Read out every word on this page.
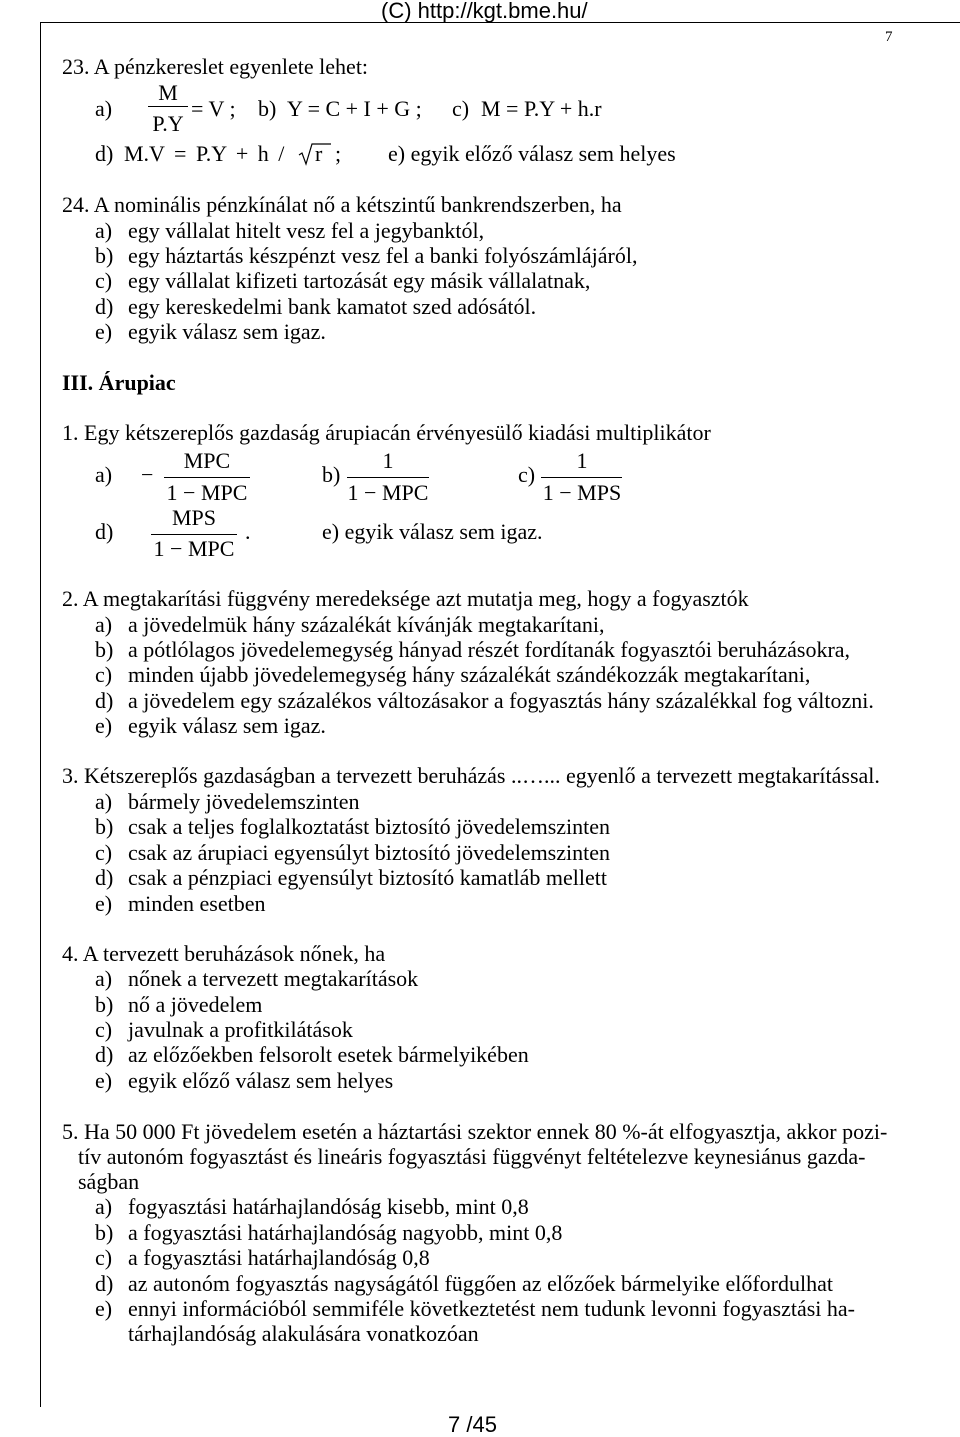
(C) http://kgt.bme.hu/
7
23. A pénzkereslet egyenlete lehet:
a)
M
P.Y
= V ; b) Y = C + I + G ; c) M = P.Y + h.r
d) M.V = P.Y + h / r ; e) egyik előző válasz sem helyes
24. A nominális pénzkínálat nő a kétszintű bankrendszerben, ha
a) egy vállalat hitelt vesz fel a jegybanktól,
b) egy háztartás készpénzt vesz fel a banki folyószámlájáról,
c) egy vállalat kifizeti tartozását egy másik vállalatnak,
d) egy kereskedelmi bank kamatot szed adósától.
e) egyik válasz sem igaz.
III. Árupiac
1. Egy kétszereplős gazdaság árupiacán érvényesülő kiadási multiplikátor
a) −
MPC
1 − MPC
b)
1
1 − MPC
c)
1
1 − MPS
d)
MPS
1 − MPC
.	e) egyik válasz sem igaz.
2. A megtakarítási függvény meredeksége azt mutatja meg, hogy a fogyasztók
a) a jövedelmük hány százalékát kívánják megtakarítani,
b) a pótlólagos jövedelemegység hányad részét fordítanák fogyasztói beruházásokra,
c) minden újabb jövedelemegység hány százalékát szándékozzák megtakarítani,
d) a jövedelem egy százalékos változásakor a fogyasztás hány százalékkal fog változni.
e) egyik válasz sem igaz.
3. Kétszereplős gazdaságban a tervezett beruházás ..…... egyenlő a tervezett megtakarítással.
a) bármely jövedelemszinten
b) csak a teljes foglalkoztatást biztosító jövedelemszinten
c) csak az árupiaci egyensúlyt biztosító jövedelemszinten
d) csak a pénzpiaci egyensúlyt biztosító kamatláb mellett
e) minden esetben
4. A tervezett beruházások nőnek, ha
a) nőnek a tervezett megtakarítások
b) nő a jövedelem
c) javulnak a profitkilátások
d) az előzőekben felsorolt esetek bármelyikében
e) egyik előző válasz sem helyes
5. Ha 50 000 Ft jövedelem esetén a háztartási szektor ennek 80 %-át elfogyasztja, akkor pozi-
tív autonóm fogyasztást és lineáris fogyasztási függvényt feltételezve keynesiánus gazda-
ságban
a) fogyasztási határhajlandóság kisebb, mint 0,8
b) a fogyasztási határhajlandóság nagyobb, mint 0,8
c) a fogyasztási határhajlandóság 0,8
d) az autonóm fogyasztás nagyságától függően az előzőek bármelyike előfordulhat
e) ennyi információból semmiféle következtetést nem tudunk levonni fogyasztási ha-
tárhajlandóság alakulására vonatkozóan
7 /45
